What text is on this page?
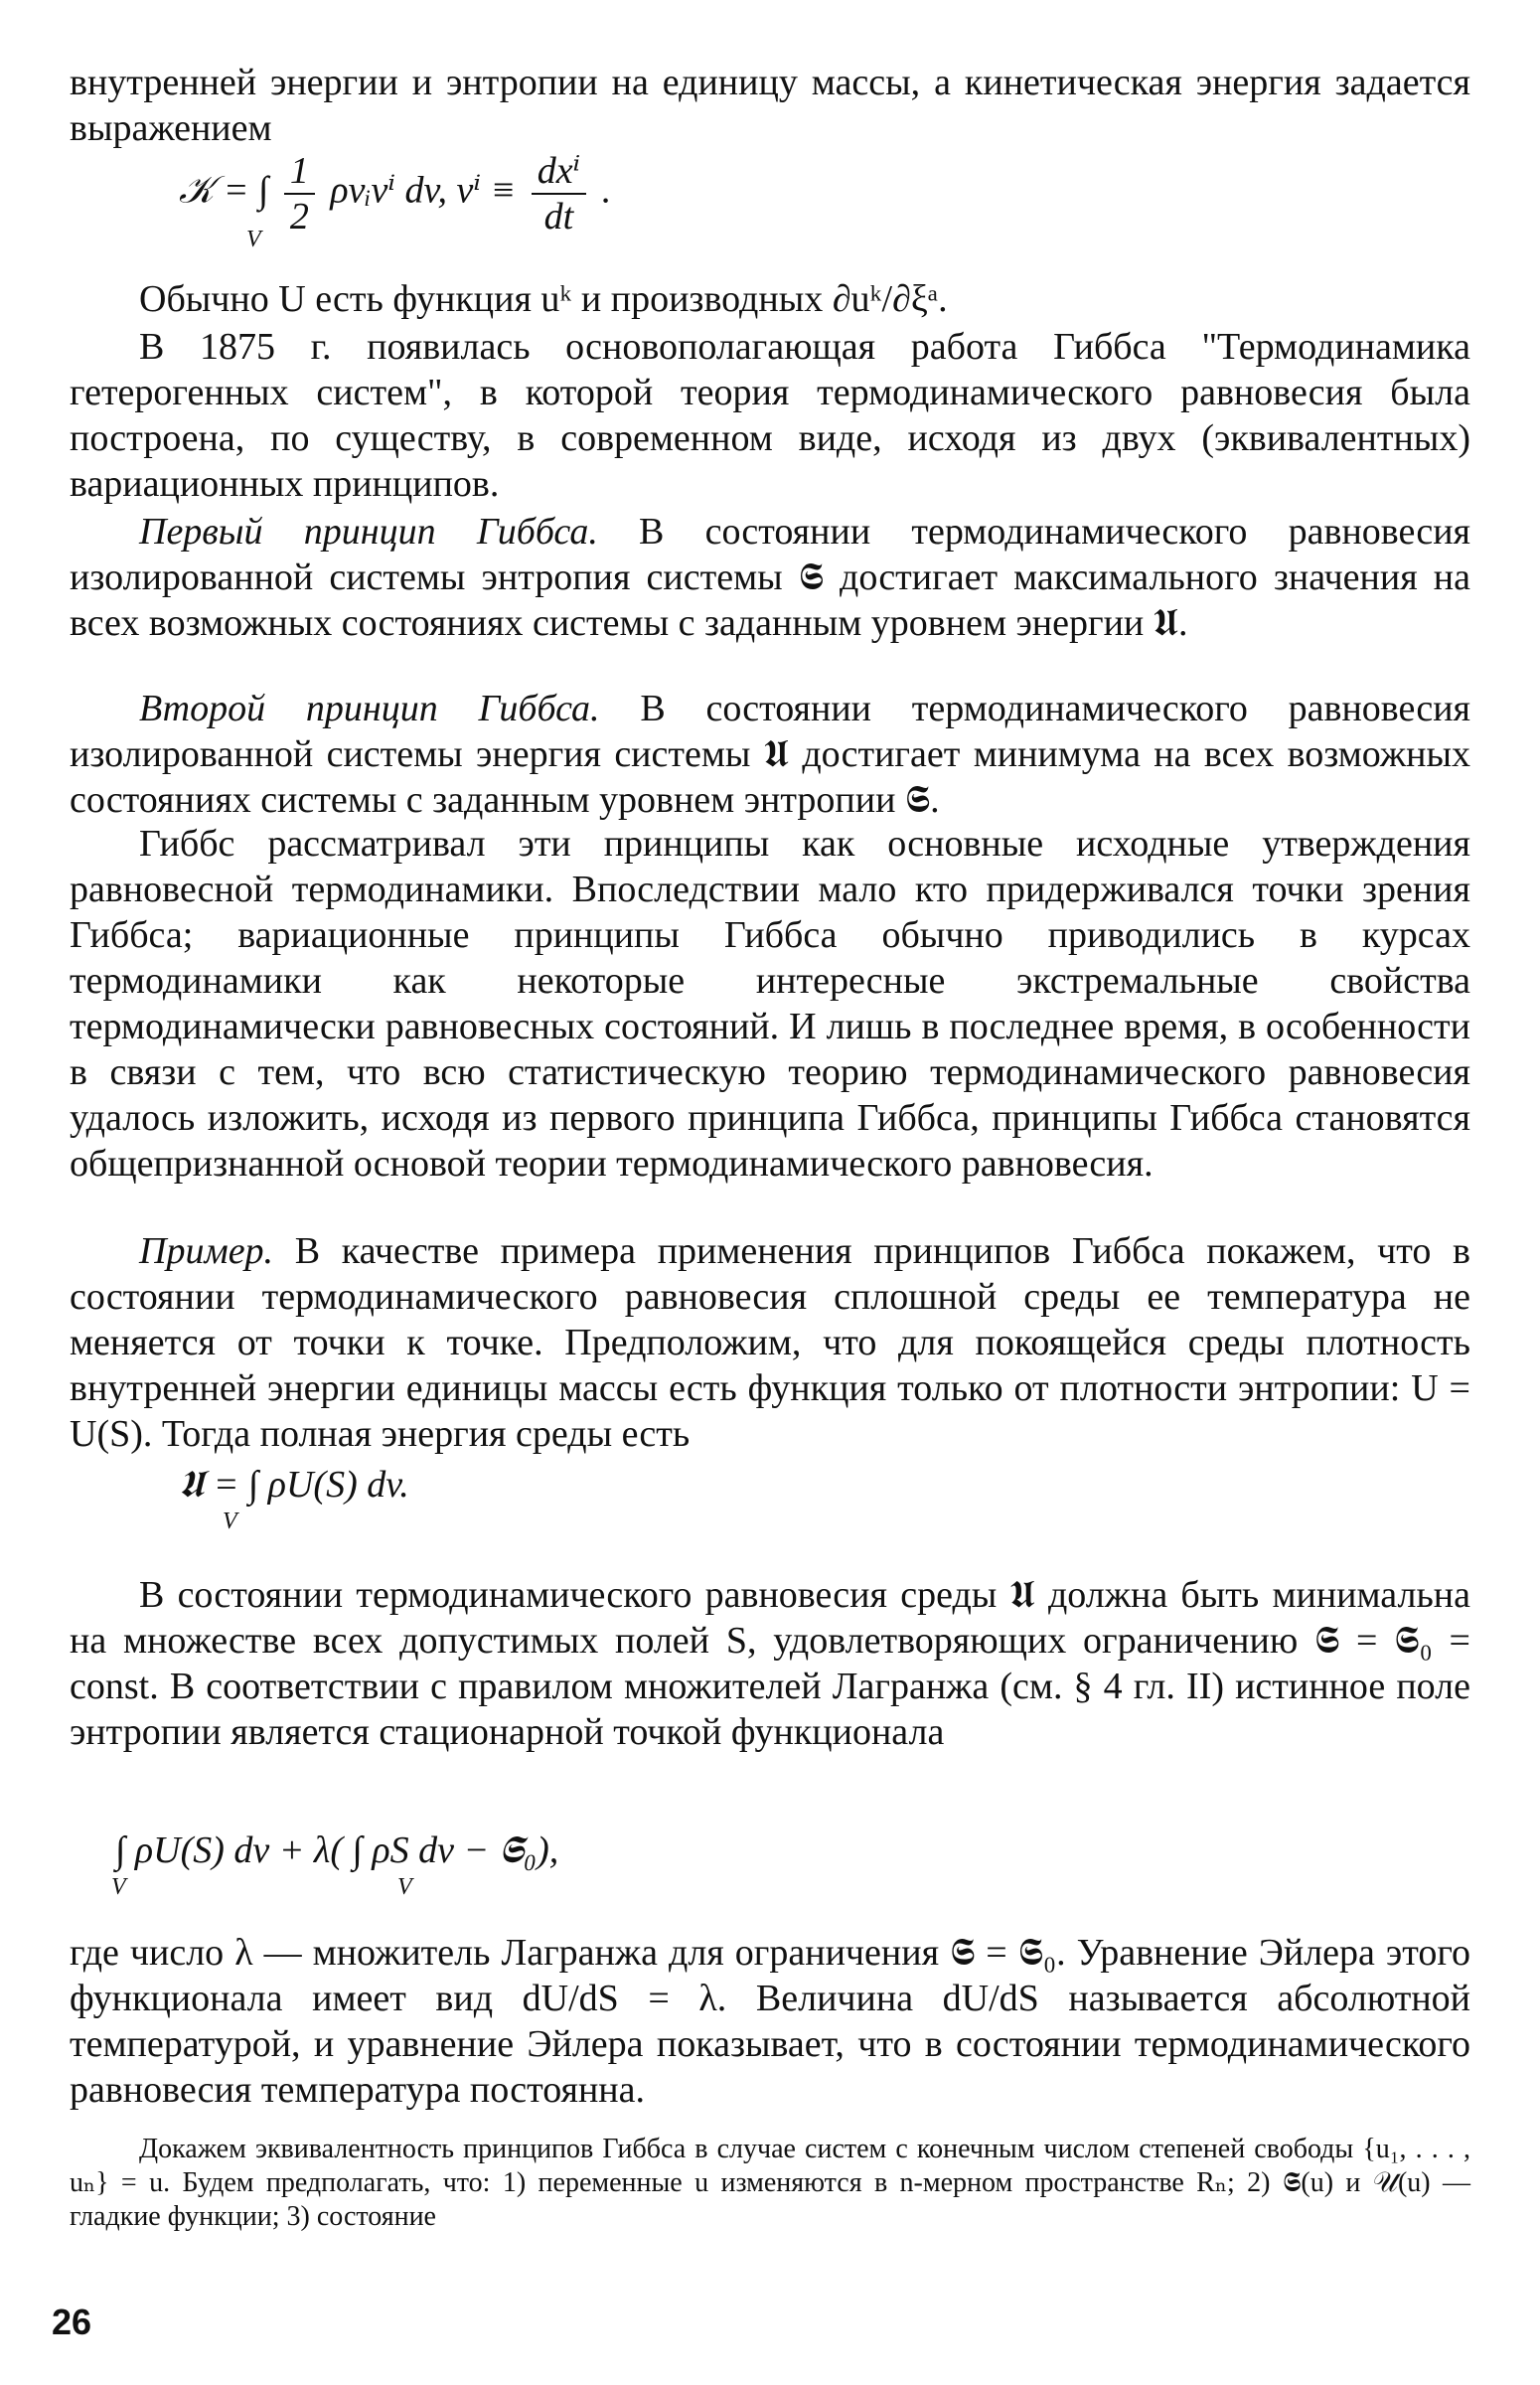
внутренней энергии и энтропии на единицу массы, а кинетическая энергия задается выражением

𝒦 = ∫ $\frac{1}{2}$ ρvᵢvⁱ dv, $v^i \equiv \frac{\text{dxⁱ}}{dt}$ .
V

Обычно U есть функция uᵏ и производных ∂uᵏ/∂ξᵃ.

В 1875 г. появилась основополагающая работа Гиббса "Термодинамика гетерогенных систем", в которой теория термодинамического равновесия была построена, по существу, в современном виде, исходя из двух (эквивалентных) вариационных принципов.

Первый принцип Гиббса. В состоянии термодинамического равновесия изолированной системы энтропия системы 𝕾 достигает максимального значения на всех возможных состояниях системы с заданным уровнем энергии 𝖀.

Второй принцип Гиббса. В состоянии термодинамического равновесия изолированной системы энергия системы 𝖀 достигает минимума на всех возможных состояниях системы с заданным уровнем энтропии 𝕾.

Гиббс рассматривал эти принципы как основные исходные утверждения равновесной термодинамики. Впоследствии мало кто придерживался точки зрения Гиббса; вариационные принципы Гиббса обычно приводились в курсах термодинамики как некоторые интересные экстремальные свойства термодинамически равновесных состояний. И лишь в последнее время, в особенности в связи с тем, что всю статистическую теорию термодинамического равновесия удалось изложить, исходя из первого принципа Гиббса, принципы Гиббса становятся общепризнанной основой теории термодинамического равновесия.

Пример. В качестве примера применения принципов Гиббса покажем, что в состоянии термодинамического равновесия сплошной среды ее температура не меняется от точки к точке. Предположим, что для покоящейся среды плотность внутренней энергии единицы массы есть функция только от плотности энтропии: U = U(S). Тогда полная энергия среды есть

𝖀 = ∫ ρU(S) dv.
V

В состоянии термодинамического равновесия среды 𝖀 должна быть минимальна на множестве всех допустимых полей S, удовлетворяющих ограничению 𝕾 = 𝕾₀ = const. В соответствии с правилом множителей Лагранжа (см. § 4 гл. II) истинное поле энтропии является стационарной точкой функционала

∫ ρU(S) dv + λ( ∫ ρS dv − 𝕾₀),
V	V

где число λ — множитель Лагранжа для ограничения 𝕾 = 𝕾₀. Уравнение Эйлера этого функционала имеет вид dU/dS = λ. Величина dU/dS называется абсолютной температурой, и уравнение Эйлера показывает, что в состоянии термодинамического равновесия температура постоянна.

Докажем эквивалентность принципов Гиббса в случае систем с конечным числом степеней свободы {u₁, . . . , uₙ} = u. Будем предполагать, что: 1) переменные u изменяются в n-мерном пространстве Rₙ; 2) 𝕾(u) и 𝒰(u) — гладкие функции; 3) состояние

26
